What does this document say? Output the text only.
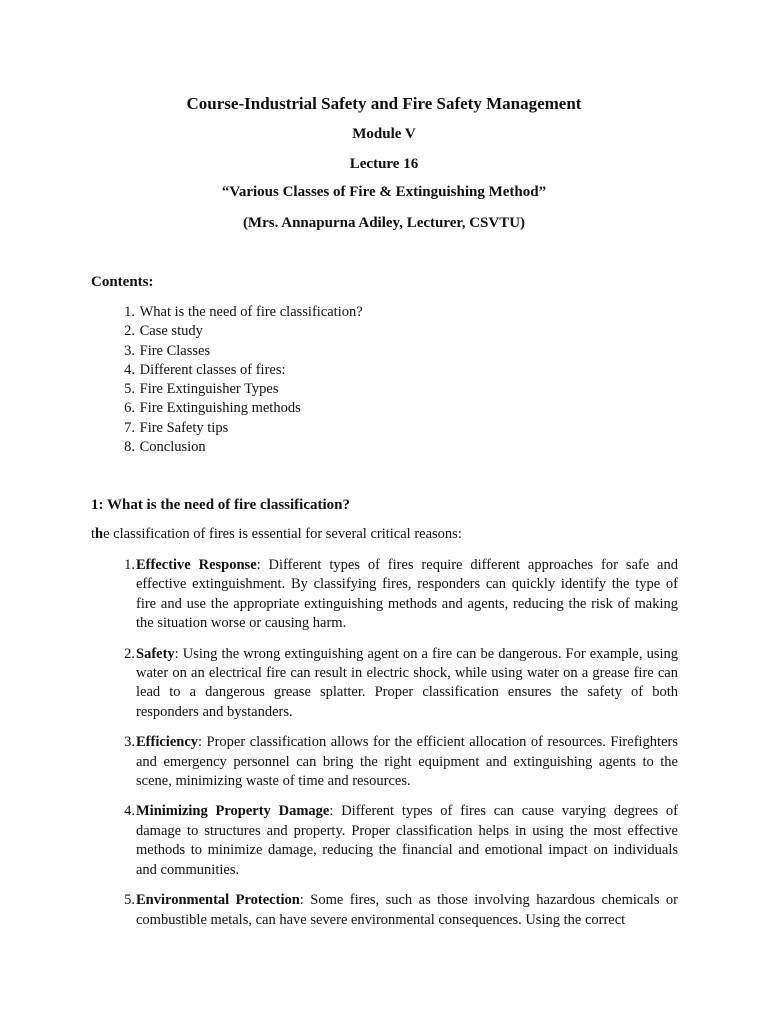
Course-Industrial Safety and Fire Safety Management
Module V
Lecture 16
“Various Classes of Fire & Extinguishing Method”
(Mrs. Annapurna Adiley, Lecturer, CSVTU)
Contents:
1. What is the need of fire classification?
2. Case study
3. Fire Classes
4. Different classes of fires:
5. Fire Extinguisher Types
6. Fire Extinguishing methods
7. Fire Safety tips
8. Conclusion
1: What is the need of fire classification?
the classification of fires is essential for several critical reasons:
1. Effective Response: Different types of fires require different approaches for safe and effective extinguishment. By classifying fires, responders can quickly identify the type of fire and use the appropriate extinguishing methods and agents, reducing the risk of making the situation worse or causing harm.
2. Safety: Using the wrong extinguishing agent on a fire can be dangerous. For example, using water on an electrical fire can result in electric shock, while using water on a grease fire can lead to a dangerous grease splatter. Proper classification ensures the safety of both responders and bystanders.
3. Efficiency: Proper classification allows for the efficient allocation of resources. Firefighters and emergency personnel can bring the right equipment and extinguishing agents to the scene, minimizing waste of time and resources.
4. Minimizing Property Damage: Different types of fires can cause varying degrees of damage to structures and property. Proper classification helps in using the most effective methods to minimize damage, reducing the financial and emotional impact on individuals and communities.
5. Environmental Protection: Some fires, such as those involving hazardous chemicals or combustible metals, can have severe environmental consequences. Using the correct
